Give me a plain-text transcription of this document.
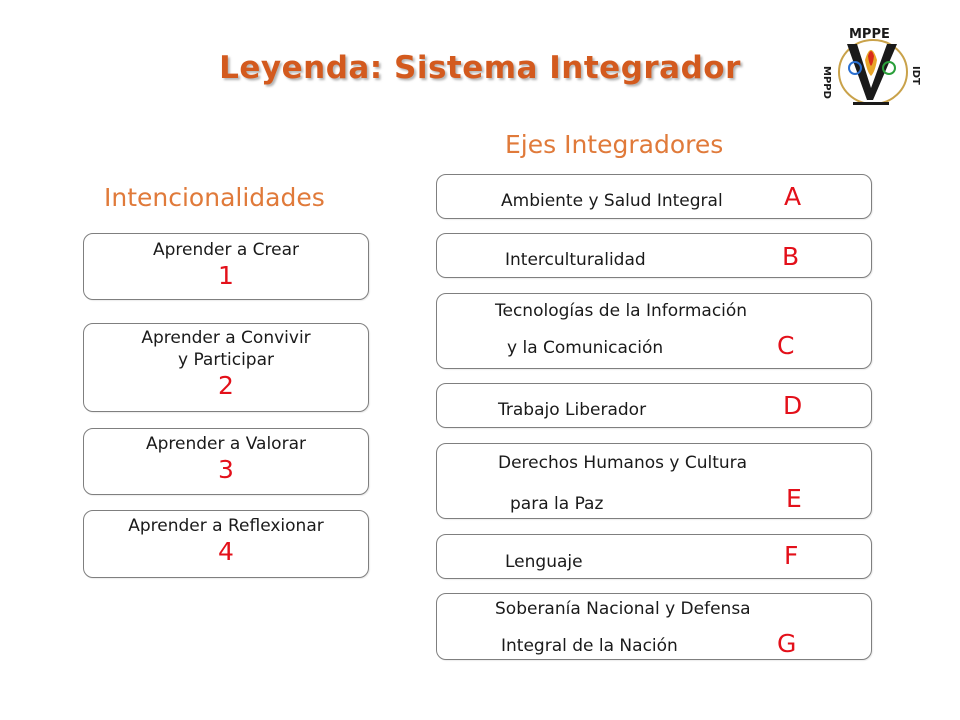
Leyenda: Sistema Integrador
MPPE
MPPD	IDT
Ejes Integradores
Intencionalidades
Aprender a Crear
1
Aprender a Convivir
y Participar
2
Aprender a Valorar
3
Aprender a Reflexionar
4
Ambiente y Salud Integral A
Interculturalidad	B
Tecnologías de la Información
y la Comunicación	C
Trabajo Liberador	D
Derechos Humanos y Cultura
para la Paz	E
Lenguaje	F
Soberanía Nacional y Defensa
Integral de la Nación	G
